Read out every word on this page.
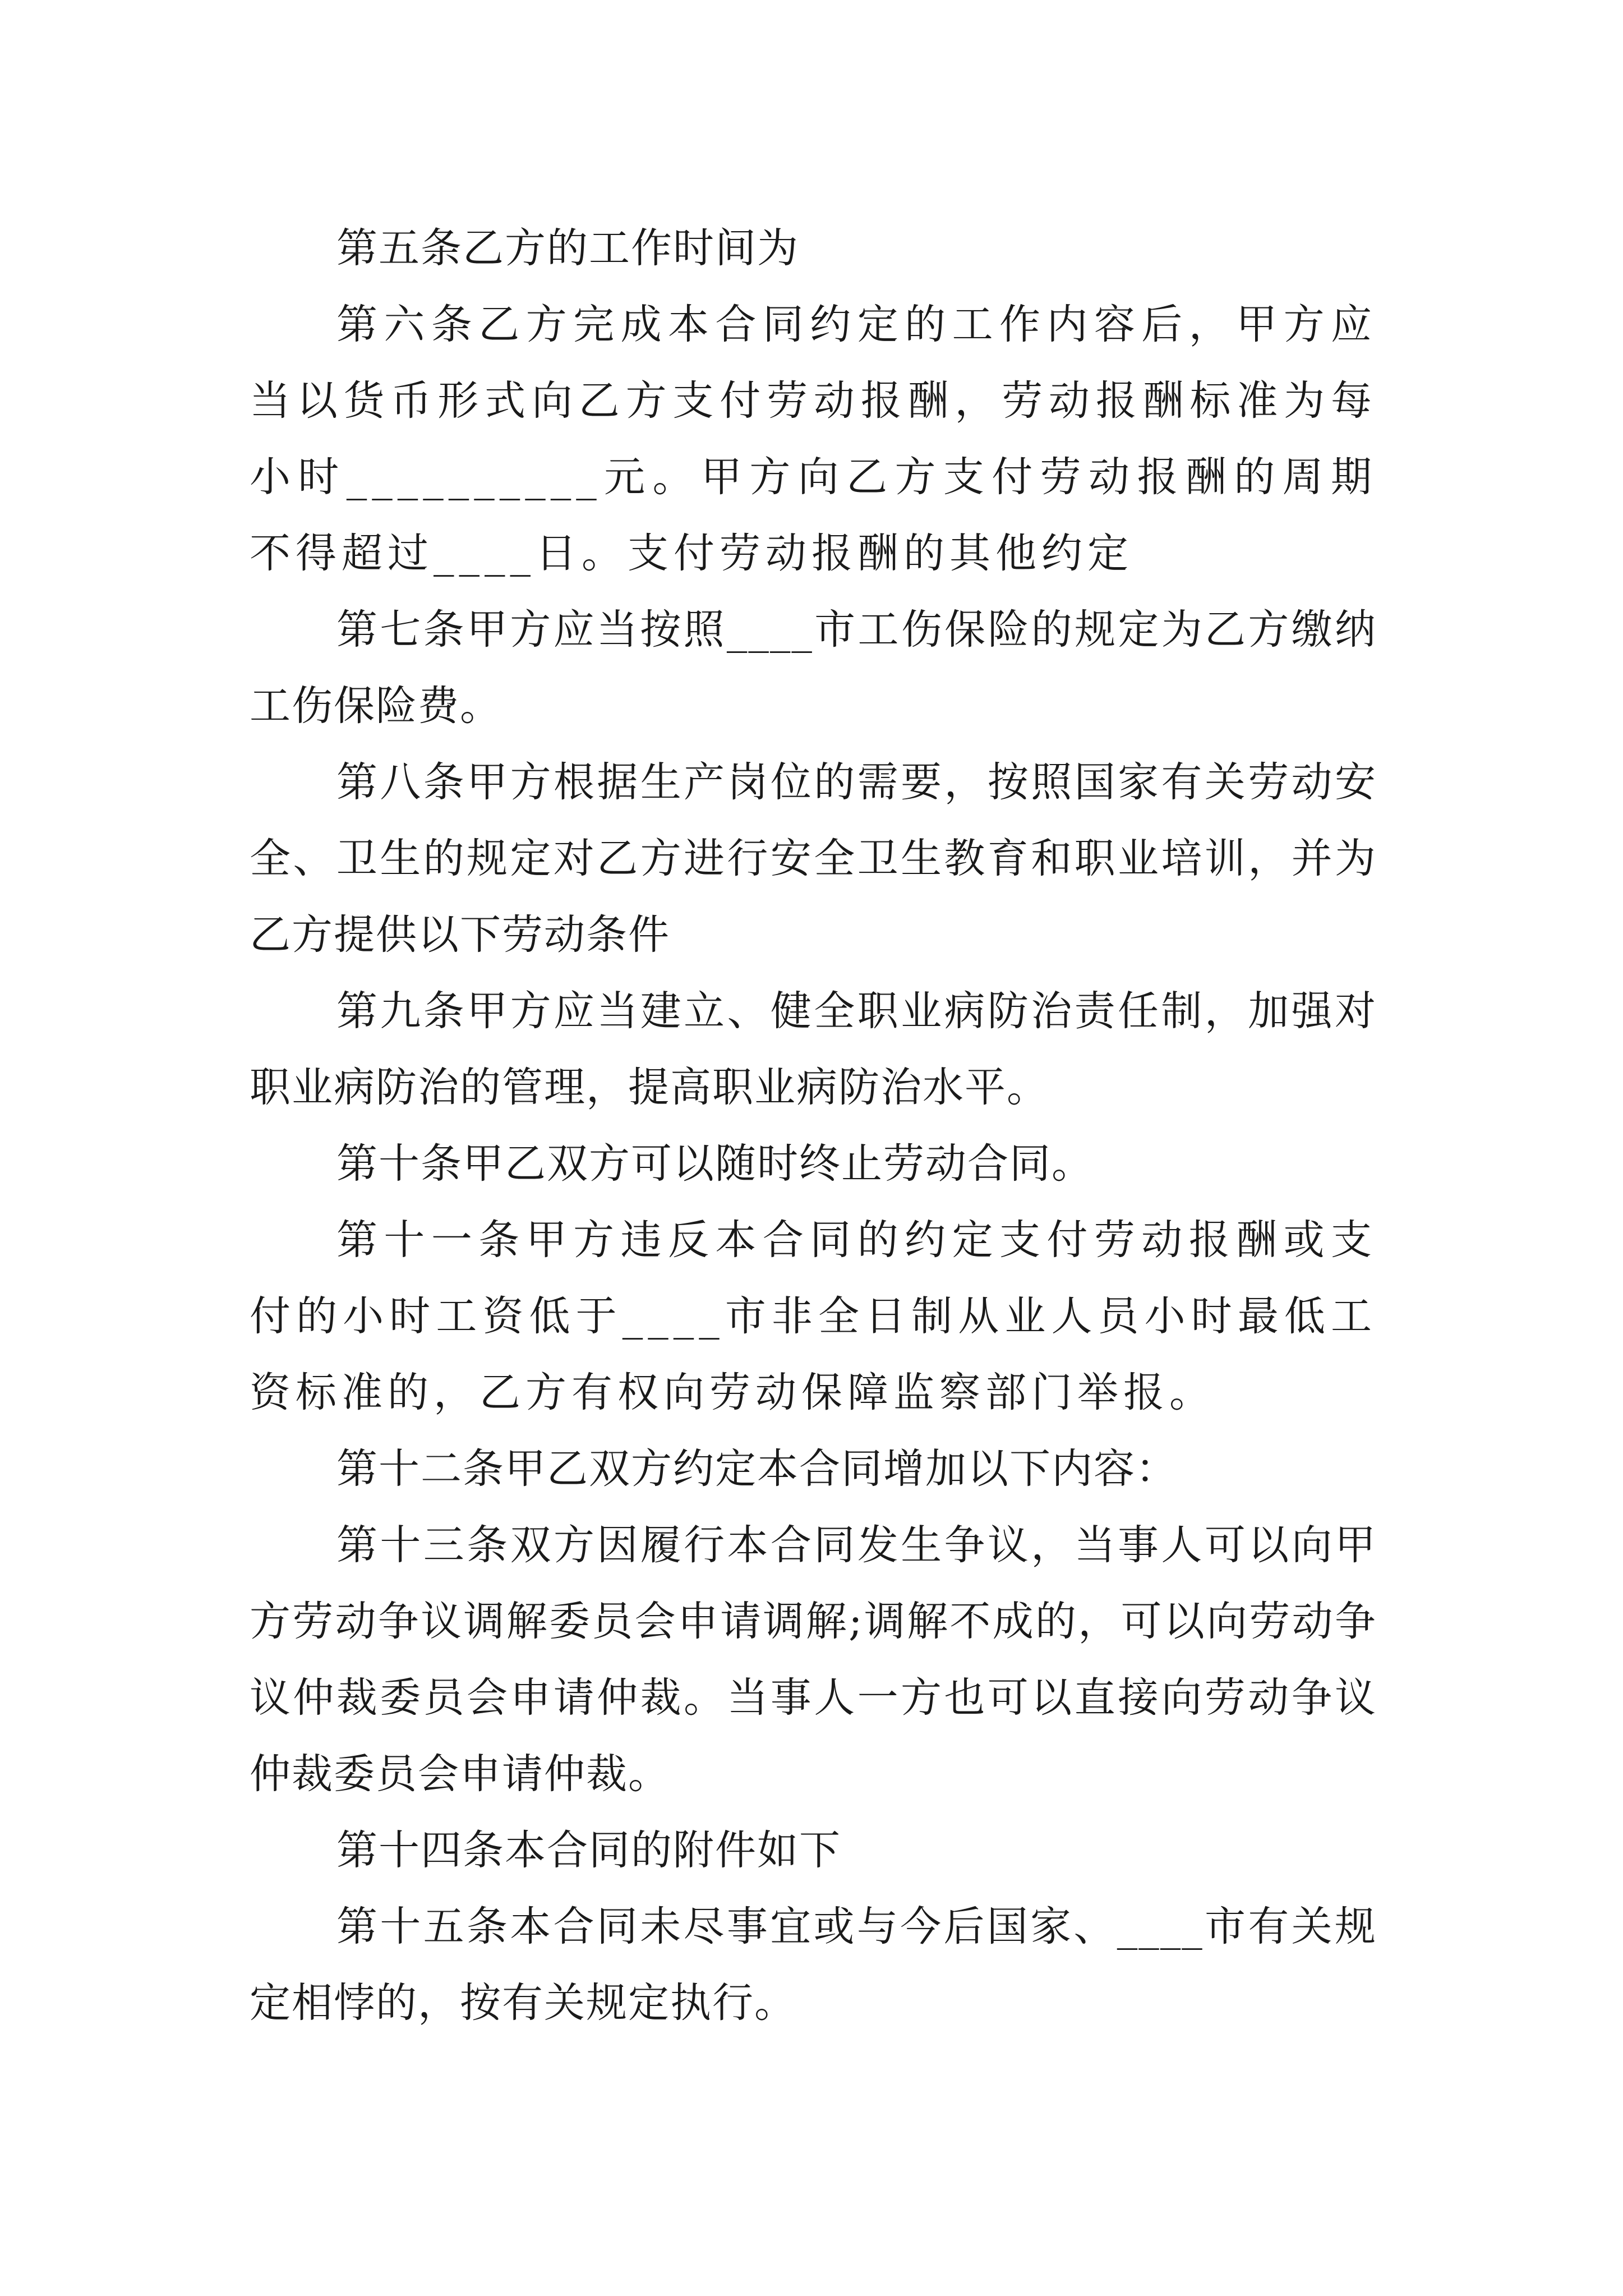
第五条乙方的工作时间为

第六条乙方完成本合同约定的工作内容后，甲方应当以货币形式向乙方支付劳动报酬，劳动报酬标准为每小时__________元。甲方向乙方支付劳动报酬的周期不得超过____日。支付劳动报酬的其他约定

第七条甲方应当按照____市工伤保险的规定为乙方缴纳工伤保险费。

第八条甲方根据生产岗位的需要，按照国家有关劳动安全、卫生的规定对乙方进行安全卫生教育和职业培训，并为乙方提供以下劳动条件

第九条甲方应当建立、健全职业病防治责任制，加强对职业病防治的管理，提高职业病防治水平。

第十条甲乙双方可以随时终止劳动合同。

第十一条甲方违反本合同的约定支付劳动报酬或支付的小时工资低于____市非全日制从业人员小时最低工资标准的，乙方有权向劳动保障监察部门举报。

第十二条甲乙双方约定本合同增加以下内容：

第十三条双方因履行本合同发生争议，当事人可以向甲方劳动争议调解委员会申请调解;调解不成的，可以向劳动争议仲裁委员会申请仲裁。当事人一方也可以直接向劳动争议仲裁委员会申请仲裁。

第十四条本合同的附件如下

第十五条本合同未尽事宜或与今后国家、____市有关规定相悖的，按有关规定执行。
